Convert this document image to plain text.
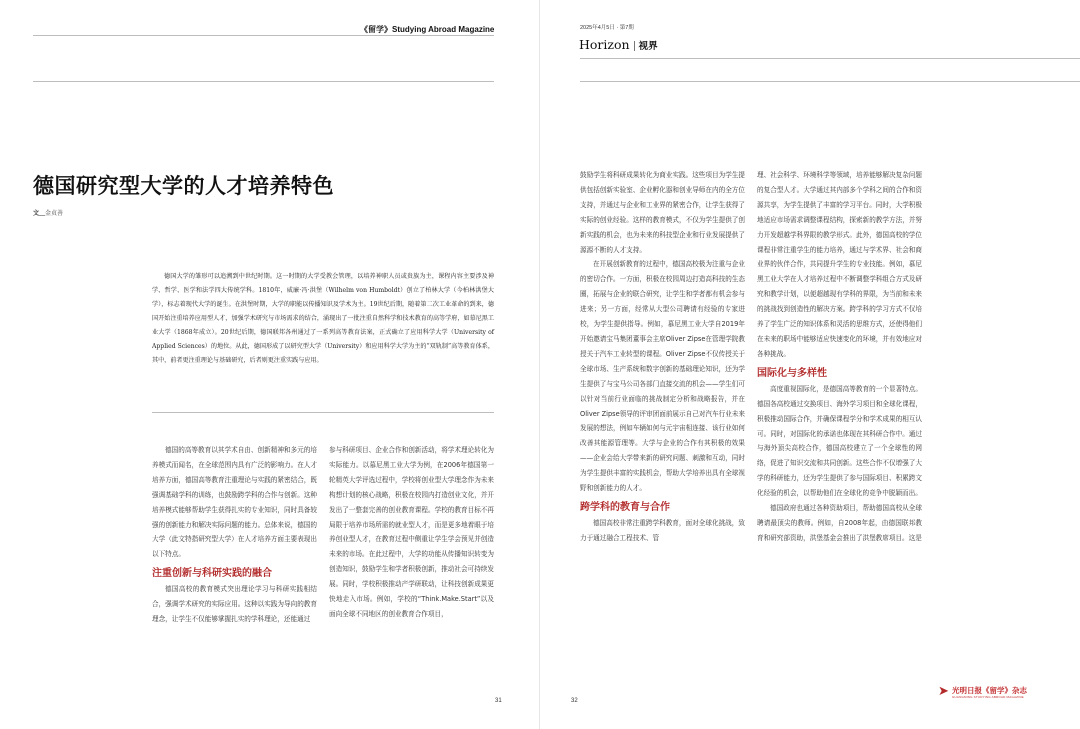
《留学》Studying Abroad Magazine
德国研究型大学的人才培养特色
文＿金贞善
德国大学的雏形可以追溯到中世纪时期。这一时期的大学受教会管理，以培养神职人员或贵族为主，课程内容主要涉及神学、哲学、医学和法学四大传统学科。1810年，威廉·冯·洪堡（Wilhelm von Humboldt）创立了柏林大学（今柏林洪堡大学），标志着现代大学的诞生。在洪堡时期，大学的职能以传播知识及学术为主。19世纪后期，随着第二次工业革命的到来，德国开始注重培养应用型人才，加强学术研究与市场需求的结合，涌现出了一批注重自然科学和技术教育的高等学府，如慕尼黑工业大学（1868年成立）。20世纪后期，德国联邦各州通过了一系列高等教育法案，正式确立了应用科学大学（University of Applied Sciences）的地位。从此，德国形成了以研究型大学（University）和应用科学大学为主的“双轨制”高等教育体系，其中，前者更注重理论与基础研究，后者则更注重实践与应用。

德国的高等教育以其学术自由、创新精神和多元的培养模式而闻名，在全球范围内具有广泛的影响力。在人才培养方面，德国高等教育注重理论与实践的紧密结合，既强调基础学科的训练，也鼓励跨学科的合作与创新。这种培养模式能够帮助学生获得扎实的专业知识，同时具备较强的创新能力和解决实际问题的能力。总体来说，德国的大学（此文特指研究型大学）在人才培养方面主要表现出以下特点。

注重创新与科研实践的融合

德国高校的教育模式突出理论学习与科研实践相结合，强调学术研究的实际应用。这种以实践为导向的教育理念，让学生不仅能够掌握扎实的学科理论，还能通过

参与科研项目、企业合作和创新活动，将学术理论转化为实际能力。以慕尼黑工业大学为例，在2006年德国第一轮精英大学评选过程中，学校将创业型大学理念作为未来构想计划的核心战略，积极在校园内打造创业文化，并开发出了一整套完善的创业教育课程。学校的教育目标不再局限于培养市场所需的就业型人才，而是更多地着眼于培养创业型人才，在教育过程中侧重让学生学会预见并创造未来的市场。在此过程中，大学的功能从传播知识转变为创造知识，鼓励学生和学者积极创新，推动社会可持续发展。同时，学校积极推动产学研联动，让科技创新成果更快地走入市场。例如，学校的“Think.Make.Start”以及面向全球不同地区的创业教育合作项目，

31
2025年4月5日 · 第7期
Horizon 视界

鼓励学生将科研成果转化为商业实践。这些项目为学生提供包括创新实验室、企业孵化器和创业导师在内的全方位支持，并通过与企业和工业界的紧密合作，让学生获得了实际的创业经验。这样的教育模式，不仅为学生提供了创新实践的机会，也为未来的科技型企业和行业发展提供了源源不断的人才支持。

在开展创新教育的过程中，德国高校极为注重与企业的密切合作。一方面，积极在校园周边打造高科技的生态圈，拓展与企业的联合研究，让学生和学者都有机会参与进来；另一方面，经常从大型公司聘请有经验的专家进校，为学生提供指导。例如，慕尼黑工业大学自2019年开始邀请宝马集团董事会主席Oliver Zipse在管理学院教授关于汽车工业转型的课程。Oliver Zipse不仅传授关于全球市场、生产系统和数字创新的基础理论知识，还为学生提供了与宝马公司各部门直接交流的机会——学生们可以针对当前行业面临的挑战制定分析和战略报告，并在Oliver Zipse领导的评审团面前展示自己对汽车行业未来发展的想法，例如车辆如何与元宇宙相连接、该行业如何改善其能源管理等。大学与企业的合作有其积极的效果——企业会给大学带来新的研究问题、刺激和互动，同时为学生提供丰富的实践机会，帮助大学培养出具有全球视野和创新能力的人才。

跨学科的教育与合作

德国高校非常注重跨学科教育，面对全球化挑战，致力于通过融合工程技术、管

理、社会科学、环境科学等领域，培养能够解决复杂问题的复合型人才。大学通过其内部多个学科之间的合作和资源共享，为学生提供了丰富的学习平台。同时，大学积极地适应市场需求调整课程结构，探索新的教学方法，并努力开发超越学科界限的教学形式。此外，德国高校的学位课程非常注重学生的能力培养，通过与学术界、社会和商业界的伙伴合作，共同提升学生的专业技能。例如，慕尼黑工业大学在人才培养过程中不断调整学科组合方式及研究和教学计划，以便超越现有学科的界限，为当前和未来的挑战找到创造性的解决方案。跨学科的学习方式不仅培养了学生广泛的知识体系和灵活的思维方式，还使得他们在未来的职场中能够适应快速变化的环境，并有效地应对各种挑战。

国际化与多样性

高度重视国际化，是德国高等教育的一个显著特点。德国各高校通过交换项目、海外学习项目和全球化课程，积极推动国际合作，并确保课程学分和学术成果的相互认可。同时，对国际化的承诺也体现在其科研合作中。通过与海外顶尖高校合作，德国高校建立了一个全球性的网络，促进了知识交流和共同创新。这些合作不仅增强了大学的科研能力，还为学生提供了参与国际项目、积累跨文化经验的机会，以帮助他们在全球化的竞争中脱颖而出。

德国政府也通过各种资助项目，帮助德国高校从全球聘请最顶尖的教师。例如，自2008年起，由德国联邦教育和研究部资助，洪堡基金会推出了洪堡教席项目。这是

32
➤ 光明日报《留学》杂志
GUANGMING STUDYING ABROAD MAGAZINE
